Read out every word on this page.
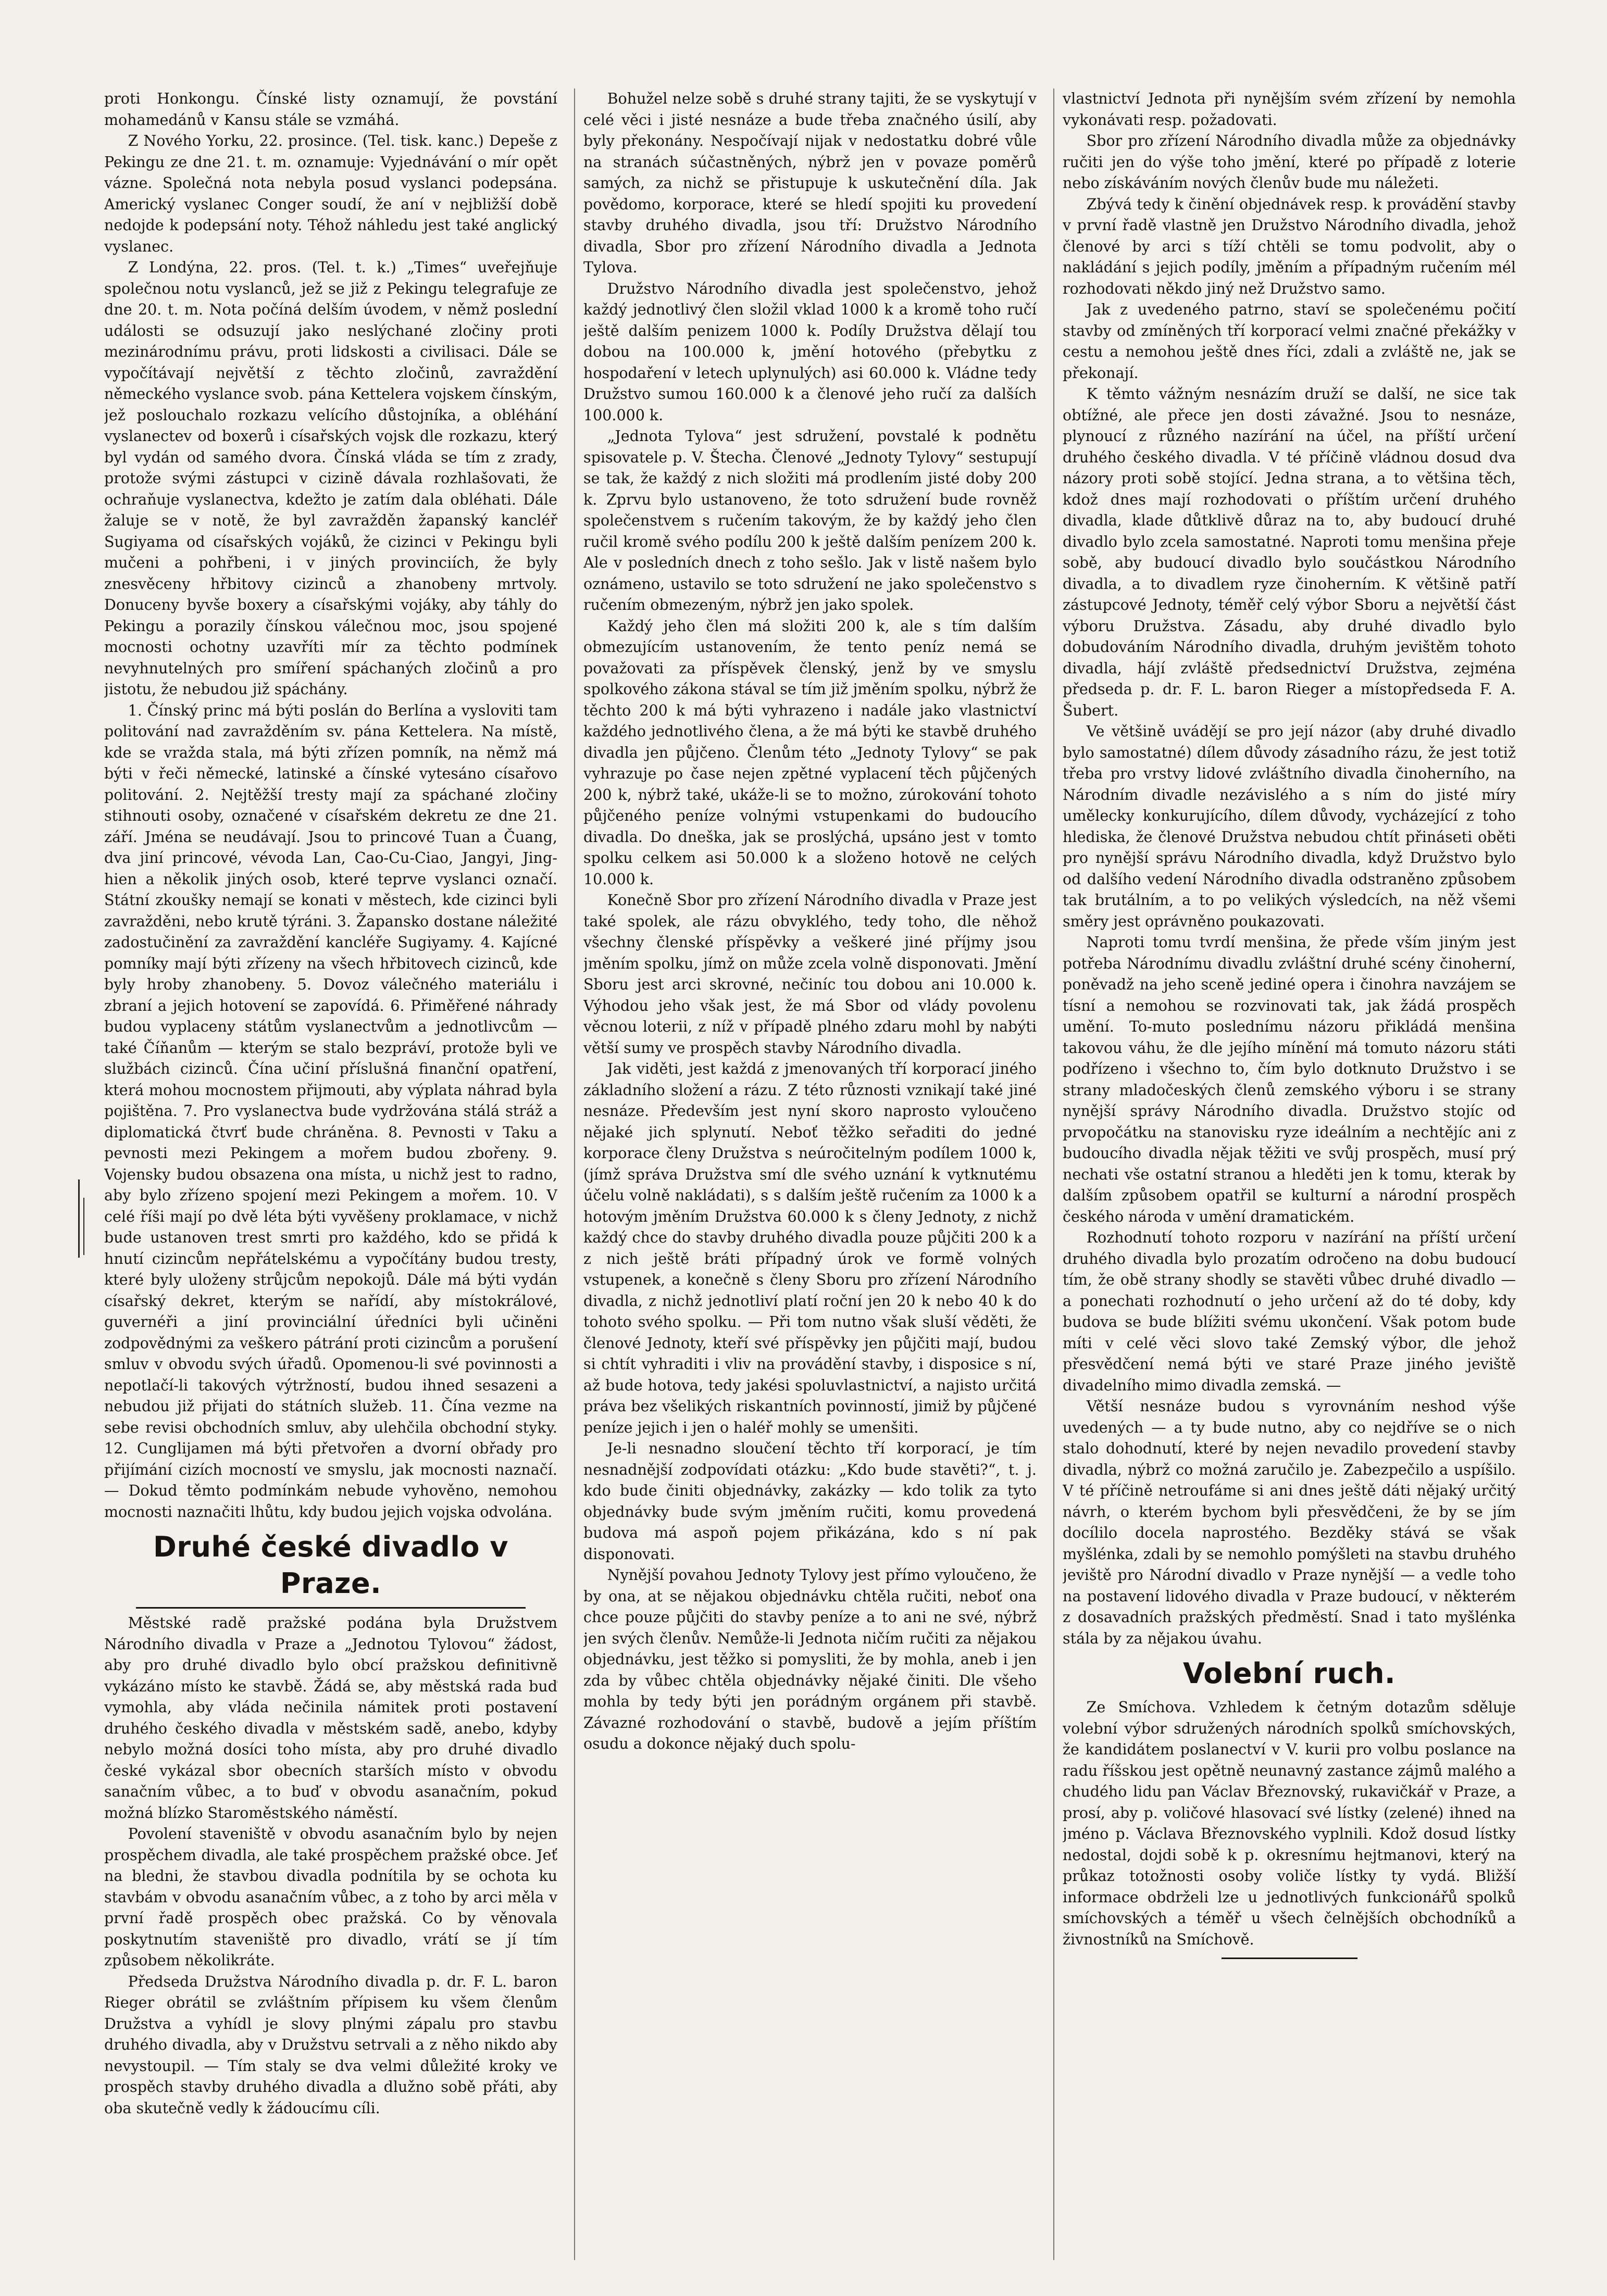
proti Honkongu. Čínské listy oznamují, že povstání mohamedánů v Kansu stále se vzmáhá.

Z Nového Yorku, 22. prosince. (Tel. tisk. kanc.) Depeše z Pekingu ze dne 21. t. m. oznamuje: Vyjednávání o mír opět vázne. Společná nota nebyla posud vyslanci podepsána. Americký vyslanec Conger soudí, že aní v nejbližší době nedojde k podepsání noty. Téhož náhledu jest také anglický vyslanec.

Z Londýna, 22. pros. (Tel. t. k.) „Times“ uveřejňuje společnou notu vyslanců, jež se již z Pekingu telegrafuje ze dne 20. t. m. Nota počíná delším úvodem, v němž poslední události se odsuzují jako neslýchané zločiny proti mezinárodnímu právu, proti lidskosti a civilisaci. Dále se vypočítávají největší z těchto zločinů, zavraždění německého vyslance svob. pána Kettelera vojskem čínským, jež poslouchalo rozkazu velícího důstojníka, a obléhání vyslanectev od boxerů i císařských vojsk dle rozkazu, který byl vydán od samého dvora. Čínská vláda se tím z zrady, protože svými zástupci v cizině dávala rozhlašovati, že ochraňuje vyslanectva, kdežto je zatím dala obléhati. Dále žaluje se v notě, že byl zavražděn žapanský kancléř Sugiyama od císařských vojáků, že cizinci v Pekingu byli mučeni a pohřbeni, i v jiných provinciích, že byly znesvěceny hřbitovy cizinců a zhanobeny mrtvoly. Donuceny byvše boxery a císařskými vojáky, aby táhly do Pekingu a porazily čínskou válečnou moc, jsou spojené mocnosti ochotny uzavříti mír za těchto podmínek nevyhnutelných pro smíření spáchaných zločinů a pro jistotu, že nebudou již spáchány.

1. Čínský princ má býti poslán do Berlína a vysloviti tam politování nad zavražděním sv. pána Kettelera. Na místě, kde se vražda stala, má býti zřízen pomník, na němž má býti v řeči německé, latinské a čínské vytesáno císařovo politování. 2. Nejtěžší tresty mají za spáchané zločiny stihnouti osoby, označené v císařském dekretu ze dne 21. září. Jména se neudávají. Jsou to princové Tuan a Čuang, dva jiní princové, vévoda Lan, Cao-Cu-Ciao, Jangyi, Jing-hien a několik jiných osob, které teprve vyslanci označí. Státní zkoušky nemají se konati v městech, kde cizinci byli zavražděni, nebo krutě týráni. 3. Žapansko dostane náležité zadostučinění za zavraždění kancléře Sugiyamy. 4. Kajícné pomníky mají býti zřízeny na všech hřbitovech cizinců, kde byly hroby zhanobeny. 5. Dovoz válečného materiálu i zbraní a jejich hotovení se zapovídá. 6. Přiměřené náhrady budou vyplaceny státům vyslanectvům a jednotlivcům — také Číňanům — kterým se stalo bezpráví, protože byli ve službách cizinců. Čína učiní příslušná finanční opatření, která mohou mocnostem přijmouti, aby výplata náhrad byla pojištěna. 7. Pro vyslanectva bude vydržována stálá stráž a diplomatická čtvrť bude chráněna. 8. Pevnosti v Taku a pevnosti mezi Pekingem a mořem budou zbořeny. 9. Vojensky budou obsazena ona místa, u nichž jest to radno, aby bylo zřízeno spojení mezi Pekingem a mořem. 10. V celé říši mají po dvě léta býti vyvěšeny proklamace, v nichž bude ustanoven trest smrti pro každého, kdo se přidá k hnutí cizincům nepřátelskému a vypočítány budou tresty, které byly uloženy strůjcům nepokojů. Dále má býti vydán císařský dekret, kterým se nařídí, aby místokrálové, guvernéři a jiní provinciální úředníci byli učiněni zodpovědnými za veškero pátrání proti cizincům a porušení smluv v obvodu svých úřadů. Opomenou-li své povinnosti a nepotlačí-li takových výtržností, budou ihned sesazeni a nebudou již přijati do státních služeb. 11. Čína vezme na sebe revisi obchodních smluv, aby ulehčila obchodní styky. 12. Cunglijamen má býti přetvořen a dvorní obřady pro přijímání cizích mocností ve smyslu, jak mocnosti naznačí. — Dokud těmto podmínkám nebude vyhověno, nemohou mocnosti naznačiti lhůtu, kdy budou jejich vojska odvolána.

Druhé české divadlo v Praze.

Městské radě pražské podána byla Družstvem Národního divadla v Praze a „Jednotou Tylovou“ žádost, aby pro druhé divadlo bylo obcí pražskou definitivně vykázáno místo ke stavbě. Žádá se, aby městská rada buď vymohla, aby vláda nečinila námitek proti postavení druhého českého divadla v městském sadě, anebo, kdyby nebylo možná dosíci toho místa, aby pro druhé divadlo české vykázal sbor obecních starších místo v obvodu sanačním vůbec, a to buď v obvodu asanačním, pokud možná blízko Staroměstského náměstí.

Povolení staveniště v obvodu asanačním bylo by nejen prospěchem divadla, ale také prospěchem pražské obce. Jeť na bledni, že stavbou divadla podnítila by se ochota ku stavbám v obvodu asanačním vůbec, a z toho by arci měla v první řadě prospěch obec pražská. Co by věnovala poskytnutím staveniště pro divadlo, vrátí se jí tím způsobem několikráte.

Předseda Družstva Národního divadla p. dr. F. L. baron Rieger obrátil se zvláštním přípisem ku všem členům Družstva a vyhídl je slovy plnými zápalu pro stavbu druhého divadla, aby v Družstvu setrvali a z něho nikdo aby nevystoupil. — Tím staly se dva velmi důležité kroky ve prospěch stavby druhého divadla a dlužno sobě přáti, aby oba skutečně vedly k žádoucímu cíli.

Bohužel nelze sobě s druhé strany tajiti, že se vyskytují v celé věci i jisté nesnáze a bude třeba značného úsilí, aby byly překonány. Nespočívají nijak v nedostatku dobré vůle na stranách súčastněných, nýbrž jen v povaze poměrů samých, za nichž se přistupuje k uskutečnění díla. Jak povědomo, korporace, které se hledí spojiti ku provedení stavby druhého divadla, jsou tří: Družstvo Národního divadla, Sbor pro zřízení Národního divadla a Jednota Tylova.

Družstvo Národního divadla jest společenstvo, jehož každý jednotlivý člen složil vklad 1000 k a kromě toho ručí ještě dalším penizem 1000 k. Podíly Družstva dělají tou dobou na 100.000 k, jmění hotového (přebytku z hospodaření v letech uplynulých) asi 60.000 k. Vládne tedy Družstvo sumou 160.000 k a členové jeho ručí za dalších 100.000 k.

„Jednota Tylova“ jest sdružení, povstalé k podnětu spisovatele p. V. Štecha. Členové „Jednoty Tylovy“ sestupují se tak, že každý z nich složiti má prodlením jisté doby 200 k. Zprvu bylo ustanoveno, že toto sdružení bude rovněž společenstvem s ručením takovým, že by každý jeho člen ručil kromě svého podílu 200 k ještě dalším penízem 200 k. Ale v posledních dnech z toho sešlo. Jak v listě našem bylo oznámeno, ustavilo se toto sdružení ne jako společenstvo s ručením obmezeným, nýbrž jen jako spolek.

Každý jeho člen má složiti 200 k, ale s tím dalším obmezujícím ustanovením, že tento peníz nemá se považovati za příspěvek členský, jenž by ve smyslu spolkového zákona stával se tím již jměním spolku, nýbrž že těchto 200 k má býti vyhrazeno i nadále jako vlastnictví každého jednotlivého člena, a že má býti ke stavbě druhého divadla jen půjčeno. Členům této „Jednoty Tylovy“ se pak vyhrazuje po čase nejen zpětné vyplacení těch půjčených 200 k, nýbrž také, ukáže-li se to možno, zúrokování tohoto půjčeného peníze volnými vstupenkami do budoucího divadla. Do dneška, jak se proslýchá, upsáno jest v tomto spolku celkem asi 50.000 k a složeno hotově ne celých 10.000 k.

Konečně Sbor pro zřízení Národního divadla v Praze jest také spolek, ale rázu obvyklého, tedy toho, dle něhož všechny členské příspěvky a veškeré jiné příjmy jsou jměním spolku, jímž on může zcela volně disponovati. Jmění Sboru jest arci skrovné, nečiníc tou dobou ani 10.000 k. Výhodou jeho však jest, že má Sbor od vlády povolenu věcnou loterii, z níž v případě plného zdaru mohl by nabýti větší sumy ve prospěch stavby Národního divadla.

Jak viděti, jest každá z jmenovaných tří korporací jiného základního složení a rázu. Z této různosti vznikají také jiné nesnáze. Především jest nyní skoro naprosto vyloučeno nějaké jich splynutí. Neboť těžko seřaditi do jedné korporace členy Družstva s neúročitelným podílem 1000 k, (jímž správa Družstva smí dle svého uznání k vytknutému účelu volně nakládati), s s dalším ještě ručením za 1000 k a hotovým jměním Družstva 60.000 k s členy Jednoty, z nichž každý chce do stavby druhého divadla pouze půjčiti 200 k a z nich ještě bráti případný úrok ve formě volných vstupenek, a konečně s členy Sboru pro zřízení Národního divadla, z nichž jednotliví platí roční jen 20 k nebo 40 k do tohoto svého spolku. — Při tom nutno však sluší věděti, že členové Jednoty, kteří své příspěvky jen půjčiti mají, budou si chtít vyhraditi i vliv na provádění stavby, i disposice s ní, až bude hotova, tedy jakési spoluvlastnictví, a najisto určitá práva bez všelikých riskantních povinností, jimiž by půjčené peníze jejich i jen o haléř mohly se umenšiti.

Je-li nesnadno sloučení těchto tří korporací, je tím nesnadnější zodpovídati otázku: „Kdo bude stavěti?“, t. j. kdo bude činiti objednávky, zakázky — kdo tolik za tyto objednávky bude svým jměním ručiti, komu provedená budova má aspoň pojem přikázána, kdo s ní pak disponovati.

Nynější povahou Jednoty Tylovy jest přímo vyloučeno, že by ona, at se nějakou objednávku chtěla ručiti, neboť ona chce pouze půjčiti do stavby peníze a to ani ne své, nýbrž jen svých členův. Nemůže-li Jednota ničím ručiti za nějakou objednávku, jest těžko si pomysliti, že by mohla, aneb i jen zda by vůbec chtěla objednávky nějaké činiti. Dle všeho mohla by tedy býti jen porádným orgánem při stavbě. Závazné rozhodování o stavbě, budově a jejím příštím osudu a dokonce nějaký duch spolu-

vlastnictví Jednota při nynějším svém zřízení by nemohla vykonávati resp. požadovati.

Sbor pro zřízení Národního divadla může za objednávky ručiti jen do výše toho jmění, které po případě z loterie nebo získáváním nových členův bude mu náležeti.

Zbývá tedy k činění objednávek resp. k provádění stavby v první řadě vlastně jen Družstvo Národního divadla, jehož členové by arci s tíží chtěli se tomu podvolit, aby o nakládání s jejich podíly, jměním a případným ručením mél rozhodovati někdo jiný než Družstvo samo.

Jak z uvedeného patrno, staví se společenému počití stavby od zmíněných tří korporací velmi značné překážky v cestu a nemohou ještě dnes říci, zdali a zvláště ne, jak se překonají.

K těmto vážným nesnázím druží se další, ne sice tak obtížné, ale přece jen dosti závažné. Jsou to nesnáze, plynoucí z různého nazírání na účel, na příští určení druhého českého divadla. V té příčině vládnou dosud dva názory proti sobě stojící. Jedna strana, a to většina těch, kdož dnes mají rozhodovati o příštím určení druhého divadla, klade důtklivě důraz na to, aby budoucí druhé divadlo bylo zcela samostatné. Naproti tomu menšina přeje sobě, aby budoucí divadlo bylo součástkou Národního divadla, a to divadlem ryze činoherním. K většině patří zástupcové Jednoty, téměř celý výbor Sboru a největší část výboru Družstva. Zásadu, aby druhé divadlo bylo dobudováním Národního divadla, druhým jevištěm tohoto divadla, hájí zvláště předsednictví Družstva, zejména předseda p. dr. F. L. baron Rieger a místopředseda F. A. Šubert.

Ve většině uvádějí se pro její názor (aby druhé divadlo bylo samostatné) dílem důvody zásadního rázu, že jest totiž třeba pro vrstvy lidové zvláštního divadla činoherního, na Národním divadle nezávislého a s ním do jisté míry umělecky konkurujícího, dílem důvody, vycházející z toho hlediska, že členové Družstva nebudou chtít přináseti oběti pro nynější správu Národního divadla, když Družstvo bylo od dalšího vedení Národního divadla odstraněno způsobem tak brutálním, a to po velikých výsledcích, na něž všemi směry jest oprávněno poukazovati.

Naproti tomu tvrdí menšina, že přede vším jiným jest potřeba Národnímu divadlu zvláštní druhé scény činoherní, poněvadž na jeho sceně jediné opera i činohra navzájem se tísní a nemohou se rozvinovati tak, jak žádá prospěch umění. To-muto poslednímu názoru přikládá menšina takovou váhu, že dle jejího mínění má tomuto názoru státi podřízeno i všechno to, čím bylo dotknuto Družstvo i se strany mladočeských členů zemského výboru i se strany nynější správy Národního divadla. Družstvo stojíc od prvopočátku na stanovisku ryze ideálním a nechtějíc ani z budoucího divadla nějak těžiti ve svůj prospěch, musí prý nechati vše ostatní stranou a hleděti jen k tomu, kterak by dalším způsobem opatřil se kulturní a národní prospěch českého národa v umění dramatickém.

Rozhodnutí tohoto rozporu v nazírání na příští určení druhého divadla bylo prozatím odročeno na dobu budoucí tím, že obě strany shodly se stavěti vůbec druhé divadlo — a ponechati rozhodnutí o jeho určení až do té doby, kdy budova se bude blížiti svému ukončení. Však potom bude míti v celé věci slovo také Zemský výbor, dle jehož přesvědčení nemá býti ve staré Praze jiného jeviště divadelního mimo divadla zemská. —

Větší nesnáze budou s vyrovnáním neshod výše uvedených — a ty bude nutno, aby co nejdříve se o nich stalo dohodnutí, které by nejen nevadilo provedení stavby divadla, nýbrž co možná zaručilo je. Zabezpečilo a uspíšilo. V té příčině netroufáme si ani dnes ještě dáti nějaký určitý návrh, o kterém bychom byli přesvědčeni, že by se jím docílilo docela naprostého. Bezděky stává se však myšlénka, zdali by se nemohlo pomýšleti na stavbu druhého jeviště pro Národní divadlo v Praze nynější — a vedle toho na postavení lidového divadla v Praze budoucí, v některém z dosavadních pražských předměstí. Snad i tato myšlénka stála by za nějakou úvahu.

Volební ruch.

Ze Smíchova. Vzhledem k četným dotazům sděluje volební výbor sdružených národních spolků smíchovských, že kandidátem poslanectví v V. kurii pro volbu poslance na radu říšskou jest opětně neunavný zastance zájmů malého a chudého lidu pan Václav Březnovský, rukavičkář v Praze, a prosí, aby p. voličové hlasovací své lístky (zelené) ihned na jméno p. Václava Březnovského vyplnili. Kdož dosud lístky nedostal, dojdi sobě k p. okresnímu hejtmanovi, který na průkaz totožnosti osoby voliče lístky ty vydá. Bližší informace obdrželi lze u jednotlivých funkcionářů spolků smíchovských a téměř u všech čelnějších obchodníků a živnostníků na Smíchově.
